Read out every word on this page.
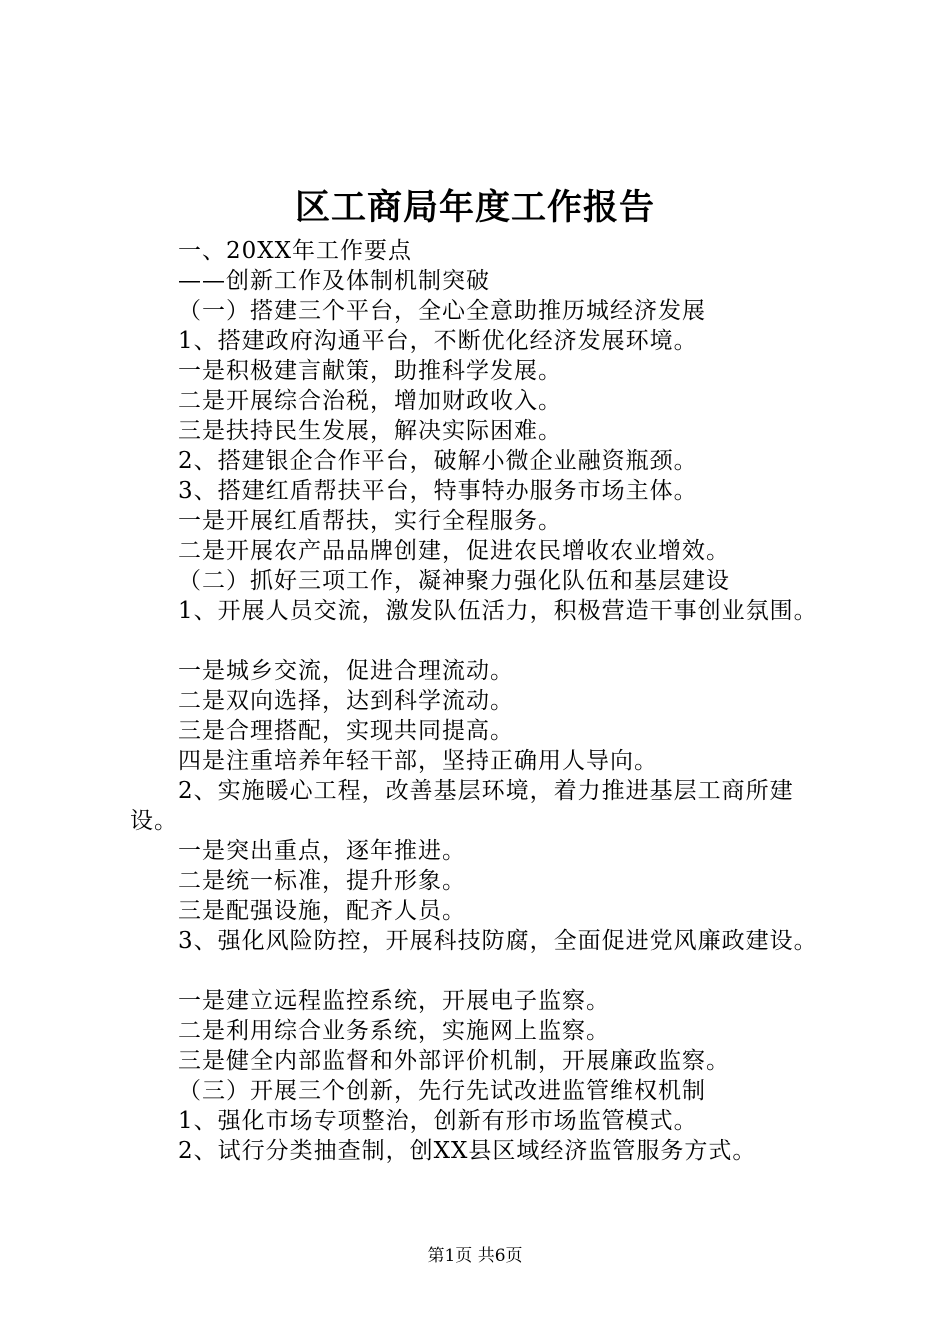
区工商局年度工作报告
一、20XX年工作要点
——创新工作及体制机制突破
（一）搭建三个平台，全心全意助推历城经济发展
1、搭建政府沟通平台，不断优化经济发展环境。
一是积极建言献策，助推科学发展。
二是开展综合治税，增加财政收入。
三是扶持民生发展，解决实际困难。
2、搭建银企合作平台，破解小微企业融资瓶颈。
3、搭建红盾帮扶平台，特事特办服务市场主体。
一是开展红盾帮扶，实行全程服务。
二是开展农产品品牌创建，促进农民增收农业增效。
（二）抓好三项工作，凝神聚力强化队伍和基层建设
1、开展人员交流，激发队伍活力，积极营造干事创业氛围。
一是城乡交流，促进合理流动。
二是双向选择，达到科学流动。
三是合理搭配，实现共同提高。
四是注重培养年轻干部，坚持正确用人导向。
2、实施暖心工程，改善基层环境，着力推进基层工商所建
设。
一是突出重点，逐年推进。
二是统一标准，提升形象。
三是配强设施，配齐人员。
3、强化风险防控，开展科技防腐，全面促进党风廉政建设。
一是建立远程监控系统，开展电子监察。
二是利用综合业务系统，实施网上监察。
三是健全内部监督和外部评价机制，开展廉政监察。
（三）开展三个创新，先行先试改进监管维权机制
1、强化市场专项整治，创新有形市场监管模式。
2、试行分类抽查制，创XX县区域经济监管服务方式。
第1页 共6页
